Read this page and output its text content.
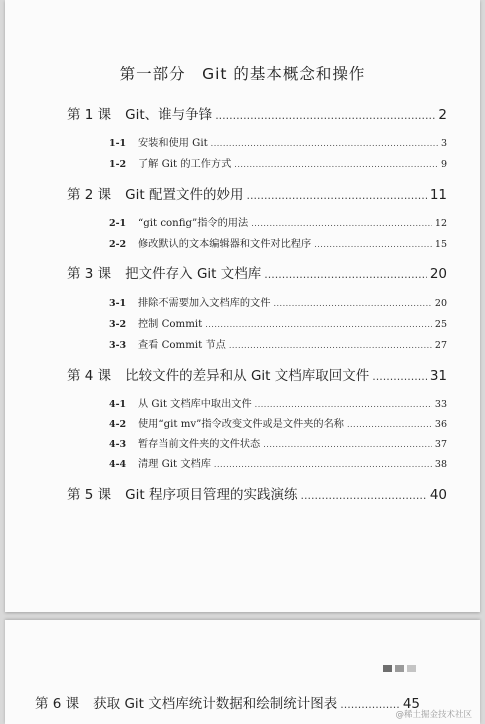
第一部分　Git 的基本概念和操作
第 1 课 Git、谁与争锋 .....	2
1-1	安装和使用 Git .....	3
1-2	了解 Git 的工作方式 .....	9
第 2 课 Git 配置文件的妙用 .....	11
2-1	“git config”指令的用法 .....	12
2-2	修改默认的文本编辑器和文件对比程序 .....	15
第 3 课 把文件存入 Git 文档库 .....	20
3-1	排除不需要加入文档库的文件 .....	20
3-2	控制 Commit .....	25
3-3	查看 Commit 节点 .....	27
第 4 课 比较文件的差异和从 Git 文档库取回文件 .....	31
4-1	从 Git 文档库中取出文件 .....	33
4-2	使用“git mv”指令改变文件或是文件夹的名称 .....	36
4-3	暂存当前文件夹的文件状态 .....	37
4-4	清理 Git 文档库 .....	38
第 5 课 Git 程序项目管理的实践演练 .....	40
第 6 课 获取 Git 文档库统计数据和绘制统计图表 .....	45
@稀土掘金技术社区
